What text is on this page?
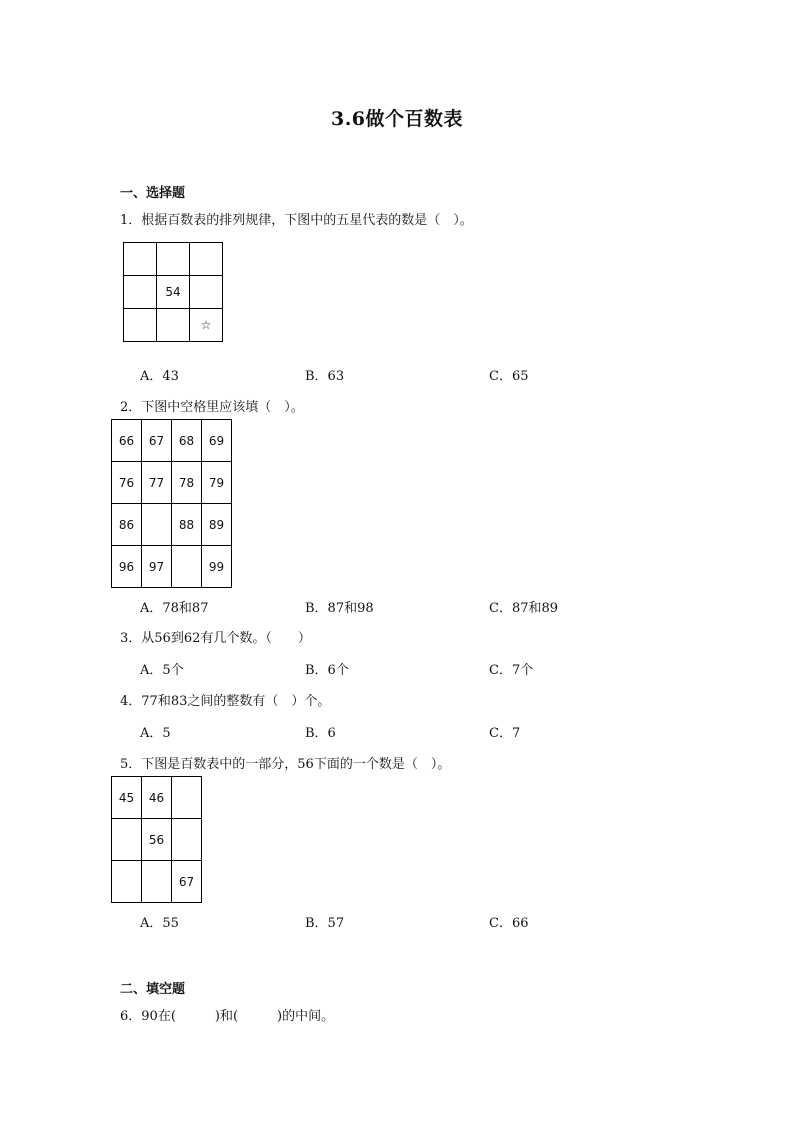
3.6做个百数表
一、选择题
1．根据百数表的排列规律，下图中的五星代表的数是（　）。

	54	
		☆
A．43	B．63	C．65
2．下图中空格里应该填（　）。
66	67	68	69
76	77	78	79
86		88	89
96	97		99
A．78和87	B．87和98	C．87和89
3．从56到62有几个数。（　　）
A．5个	B．6个	C．7个
4．77和83之间的整数有（　）个。
A．5	B．6	C．7
5．下图是百数表中的一部分，56下面的一个数是（　）。
45	46	
	56	
		67
A．55	B．57	C．66
二、填空题
6．90在(　　　)和(　　　)的中间。
